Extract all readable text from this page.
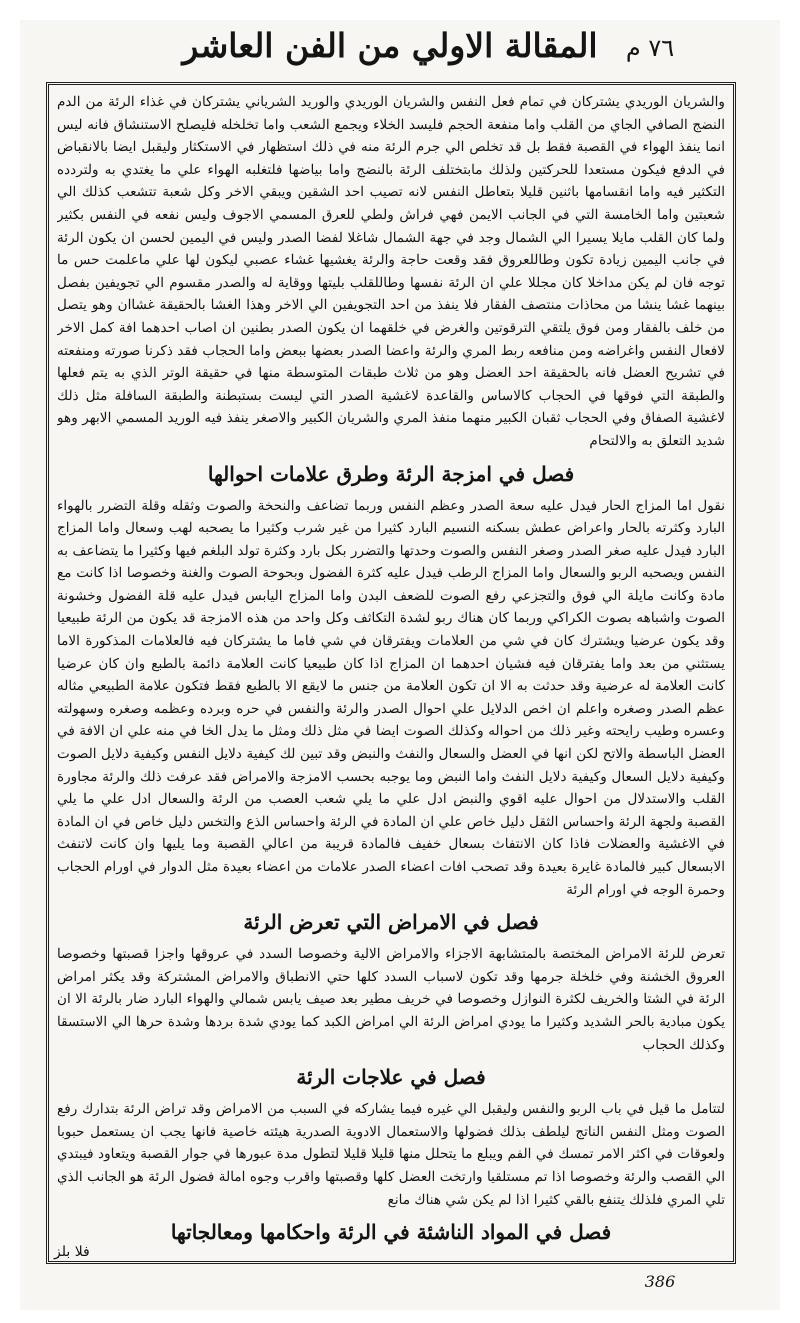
المقالة الاولي من الفن العاشر	٧٦ م

والشريان الوريدي يشتركان في تمام فعل النفس والشريان الوريدي والوريد الشرياني يشتركان في غذاء الرئة من الدم النضج الصافي الجاي من القلب واما منفعة الحجم فليسد الخلاء ويجمع الشعب واما تخلخله فليصلح الاستنشاق فانه ليس انما ينفذ الهواء في القصبة فقط بل قد تخلص الي جرم الرئة منه في ذلك استظهار في الاستكثار وليقبل ايضا بالانقباض في الدفع فيكون مستعدا للحركتين ولذلك مابتختلف الرئة بالنضج واما بياضها فلتغلبه الهواء علي ما يغتدي به ولتردده التكثير فيه واما انقسامها باثنين قليلا بتعاطل النفس لانه تصيب احد الشقين ويبقي الاخر وكل شعبة تتشعب كذلك الي شعبتين واما الخامسة التي في الجانب الايمن فهي فراش ولطي للعرق المسمي الاجوف وليس نفعه في النفس بكثير ولما كان القلب مايلا يسيرا الي الشمال وجد في جهة الشمال شاغلا لفضا الصدر وليس في اليمين لحسن ان يكون الرئة في جانب اليمين زيادة تكون وطاللعروق فقد وقعت حاجة والرئة يغشيها غشاء عصبي ليكون لها علي ماعلمت حس ما توجه فان لم يكن مداخلا كان مجللا علي ان الرئة نفسها وطاللقلب بليتها ووقاية له والصدر مقسوم الي تجويفين بفصل بينهما غشا ينشا من محاذات منتصف الفقار فلا ينفذ من احد التجويفين الي الاخر وهذا الغشا بالحقيقة غشاان وهو يتصل من خلف بالفقار ومن فوق يلتقي الترقوتين والغرض في خلقهما ان يكون الصدر بطنين ان اصاب احدهما افة كمل الاخر لافعال النفس واغراضه ومن منافعه ربط المري والرئة واعضا الصدر بعضها ببعض واما الحجاب فقد ذكرنا صورته ومنفعته في تشريح العضل فانه بالحقيقة احد العضل وهو من ثلاث طبقات المتوسطة منها في حقيقة الوتر الذي به يتم فعلها والطبقة التي فوقها في الحجاب كالاساس والقاعدة لاغشية الصدر التي ليست بستبطنة والطبقة السافلة مثل ذلك لاغشية الصفاق وفي الحجاب ثقبان الكبير منهما منفذ المري والشريان الكبير والاصغر ينفذ فيه الوريد المسمي الابهر وهو شديد التعلق به والالتحام

فصل في امزجة الرئة وطرق علامات احوالها

نقول اما المزاج الحار فيدل عليه سعة الصدر وعظم النفس وربما تضاعف والنحخة والصوت وثقله وقلة التضرر بالهواء البارد وكثرته بالحار واعراض عطش بسكنه النسيم البارد كثيرا من غير شرب وكثيرا ما يصحبه لهب وسعال واما المزاج البارد فيدل عليه صغر الصدر وصغر النفس والصوت وحدتها والتضرر بكل بارد وكثرة تولد البلغم فيها وكثيرا ما يتضاعف به النفس ويصحبه الربو والسعال واما المزاج الرطب فيدل عليه كثرة الفضول وبحوحة الصوت والغنة وخصوصا اذا كانت مع مادة وكانت مايلة الي فوق والتجزعي رفع الصوت للضعف البدن واما المزاج اليابس فيدل عليه قلة الفضول وخشونة الصوت واشباهه بصوت الكراكي وربما كان هناك ربو لشدة التكاثف وكل واحد من هذه الامزجة قد يكون من الرئة طبيعيا وقد يكون عرضيا ويشترك كان في شي من العلامات ويفترقان في شي فاما ما يشتركان فيه فالعلامات المذكورة الاما يستثني من بعد واما يفترقان فيه فشيان احدهما ان المزاج اذا كان طبيعيا كانت العلامة دائمة بالطبع وان كان عرضيا كانت العلامة له عرضية وقد حدثت به الا ان تكون العلامة من جنس ما لايقع الا بالطبع فقط فتكون علامة الطبيعي مثاله عظم الصدر وصغره واعلم ان اخص الدلايل علي احوال الصدر والرئة والنفس في حره وبرده وعظمه وصغره وسهولته وعسره وطيب رايحته وغير ذلك من احواله وكذلك الصوت ايضا في مثل ذلك ومثل ما يدل الخا في منه علي ان الافة في العضل الباسطة والاتح لكن انها في العضل والسعال والنفث والنبض وقد تبين لك كيفية دلايل النفس وكيفية دلايل الصوت وكيفية دلايل السعال وكيفية دلايل النفث واما النبض وما يوجبه بحسب الامزجة والامراض فقد عرفت ذلك والرئة مجاورة القلب والاستدلال من احوال عليه اقوي والنبض ادل علي ما يلي شعب العصب من الرئة والسعال ادل علي ما يلي القصبة ولجهة الرئة واحساس الثقل دليل خاص علي ان المادة في الرئة واحساس الذع والتخس دليل خاص في ان المادة في الاغشية والعضلات فاذا كان الانتفاث بسعال خفيف فالمادة قريبة من اعالي القصبة وما يليها وان كانت لاتنفث الابسعال كبير فالمادة غايرة بعيدة وقد تصحب افات اعضاء الصدر علامات من اعضاء بعيدة مثل الدوار في اورام الحجاب وحمرة الوجه في اورام الرئة

فصل في الامراض التي تعرض الرئة

تعرض للرئة الامراض المختصة بالمتشابهة الاجزاء والامراض الالية وخصوصا السدد في عروقها واجزا قصبتها وخصوصا العروق الخشنة وفي خلخلة جرمها وقد تكون لاسباب السدد كلها حتي الانطباق والامراض المشتركة وقد يكثر امراض الرئة في الشتا والخريف لكثرة النوازل وخصوصا في خريف مطير بعد صيف يابس شمالي والهواء البارد ضار بالرئة الا ان يكون مبادية بالحر الشديد وكثيرا ما يودي امراض الرئة الي امراض الكبد كما يودي شدة بردها وشدة حرها الي الاستسقا وكذلك الحجاب

فصل في علاجات الرئة

لتتامل ما قيل في باب الربو والنفس وليقبل الي غيره فيما يشاركه في السبب من الامراض وقد تراض الرئة بتدارك رفع الصوت ومثل النفس الناتج ليلطف بذلك فضولها والاستعمال الادوية الصدرية هيئته خاصية فانها يجب ان يستعمل حبوبا ولعوقات في اكثر الامر تمسك في الفم ويبلع ما يتحلل منها قليلا قليلا لتطول مدة عبورها في جوار القصبة ويتعاود فيبتدي الي القصب والرئة وخصوصا اذا تم مستلقيا وارتخت العضل كلها وقصبتها واقرب وجوه امالة فضول الرئة هو الجانب الذي تلي المري فلذلك يتنفع بالقي كثيرا اذا لم يكن شي هناك مانع

فصل في المواد الناشئة في الرئة واحكامها ومعالجاتها

فلا بلز
386
